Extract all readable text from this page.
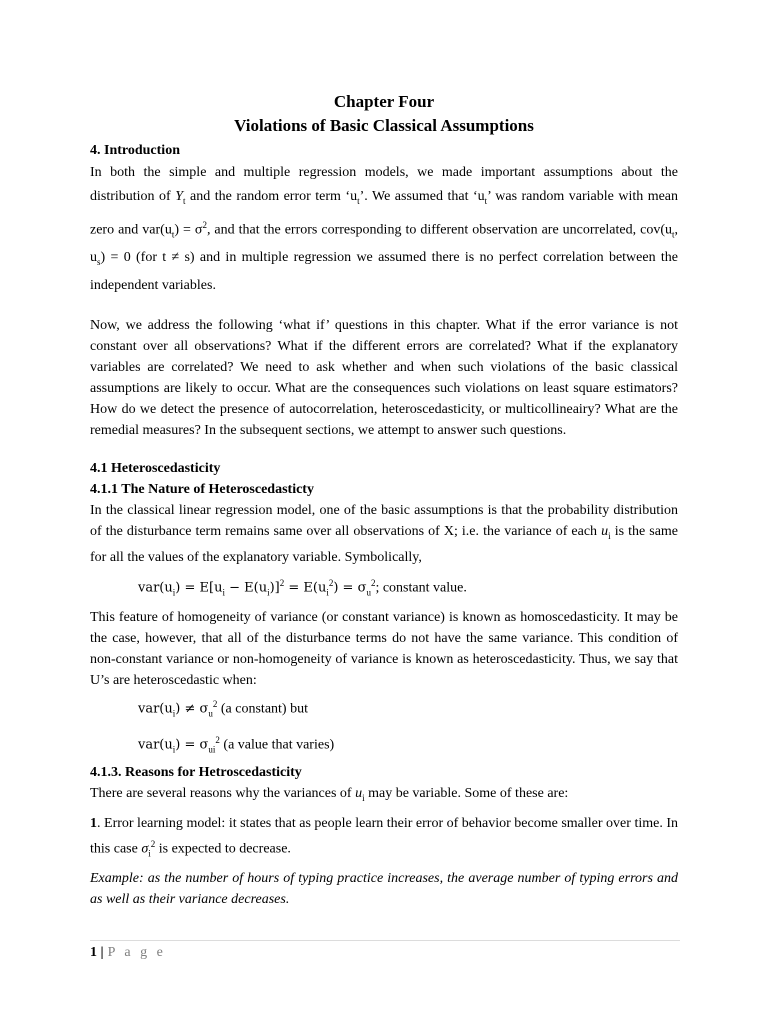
Chapter Four

Violations of Basic Classical Assumptions

4. Introduction

In both the simple and multiple regression models, we made important assumptions about the distribution of $Y_t$ and the random error term ‘$u_t$’. We assumed that ‘$u_t$’ was random variable with mean zero and $var(u_t) = \sigma^2$, and that the errors corresponding to different observation are uncorrelated, $cov(u_t$, $u_s) = 0$ (for t ≠ s) and in multiple regression we assumed there is no perfect correlation between the independent variables.

Now, we address the following ‘what if’ questions in this chapter. What if the error variance is not constant over all observations? What if the different errors are correlated? What if the explanatory variables are correlated? We need to ask whether and when such violations of the basic classical assumptions are likely to occur. What are the consequences such violations on least square estimators? How do we detect the presence of autocorrelation, heteroscedasticity, or multicollineairy? What are the remedial measures? In the subsequent sections, we attempt to answer such questions.

4.1 Heteroscedasticity
4.1.1 The Nature of Heteroscedasticty

In the classical linear regression model, one of the basic assumptions is that the probability distribution of the disturbance term remains same over all observations of X; i.e. the variance of each $u_i$ is the same for all the values of the explanatory variable. Symbolically,

$var(u_i) = E[u_i - E(u_i)]^2 = E(u_i^2) = \sigma_u^2$; constant value.

This feature of homogeneity of variance (or constant variance) is known as homoscedasticity. It may be the case, however, that all of the disturbance terms do not have the same variance. This condition of non-constant variance or non-homogeneity of variance is known as heteroscedasticity. Thus, we say that U’s are heteroscedastic when:

$var(u_i) \ne \sigma_u^2$ (a constant) but

$var(u_i) = \sigma_{ui}^2$ (a value that varies)

4.1.3. Reasons for Hetroscedasticity

There are several reasons why the variances of $u_i$ may be variable. Some of these are:

1. Error learning model: it states that as people learn their error of behavior become smaller over time. In this case $\sigma_i^2$ is expected to decrease.

Example: as the number of hours of typing practice increases, the average number of typing errors and as well as their variance decreases.

1 | P a g e
